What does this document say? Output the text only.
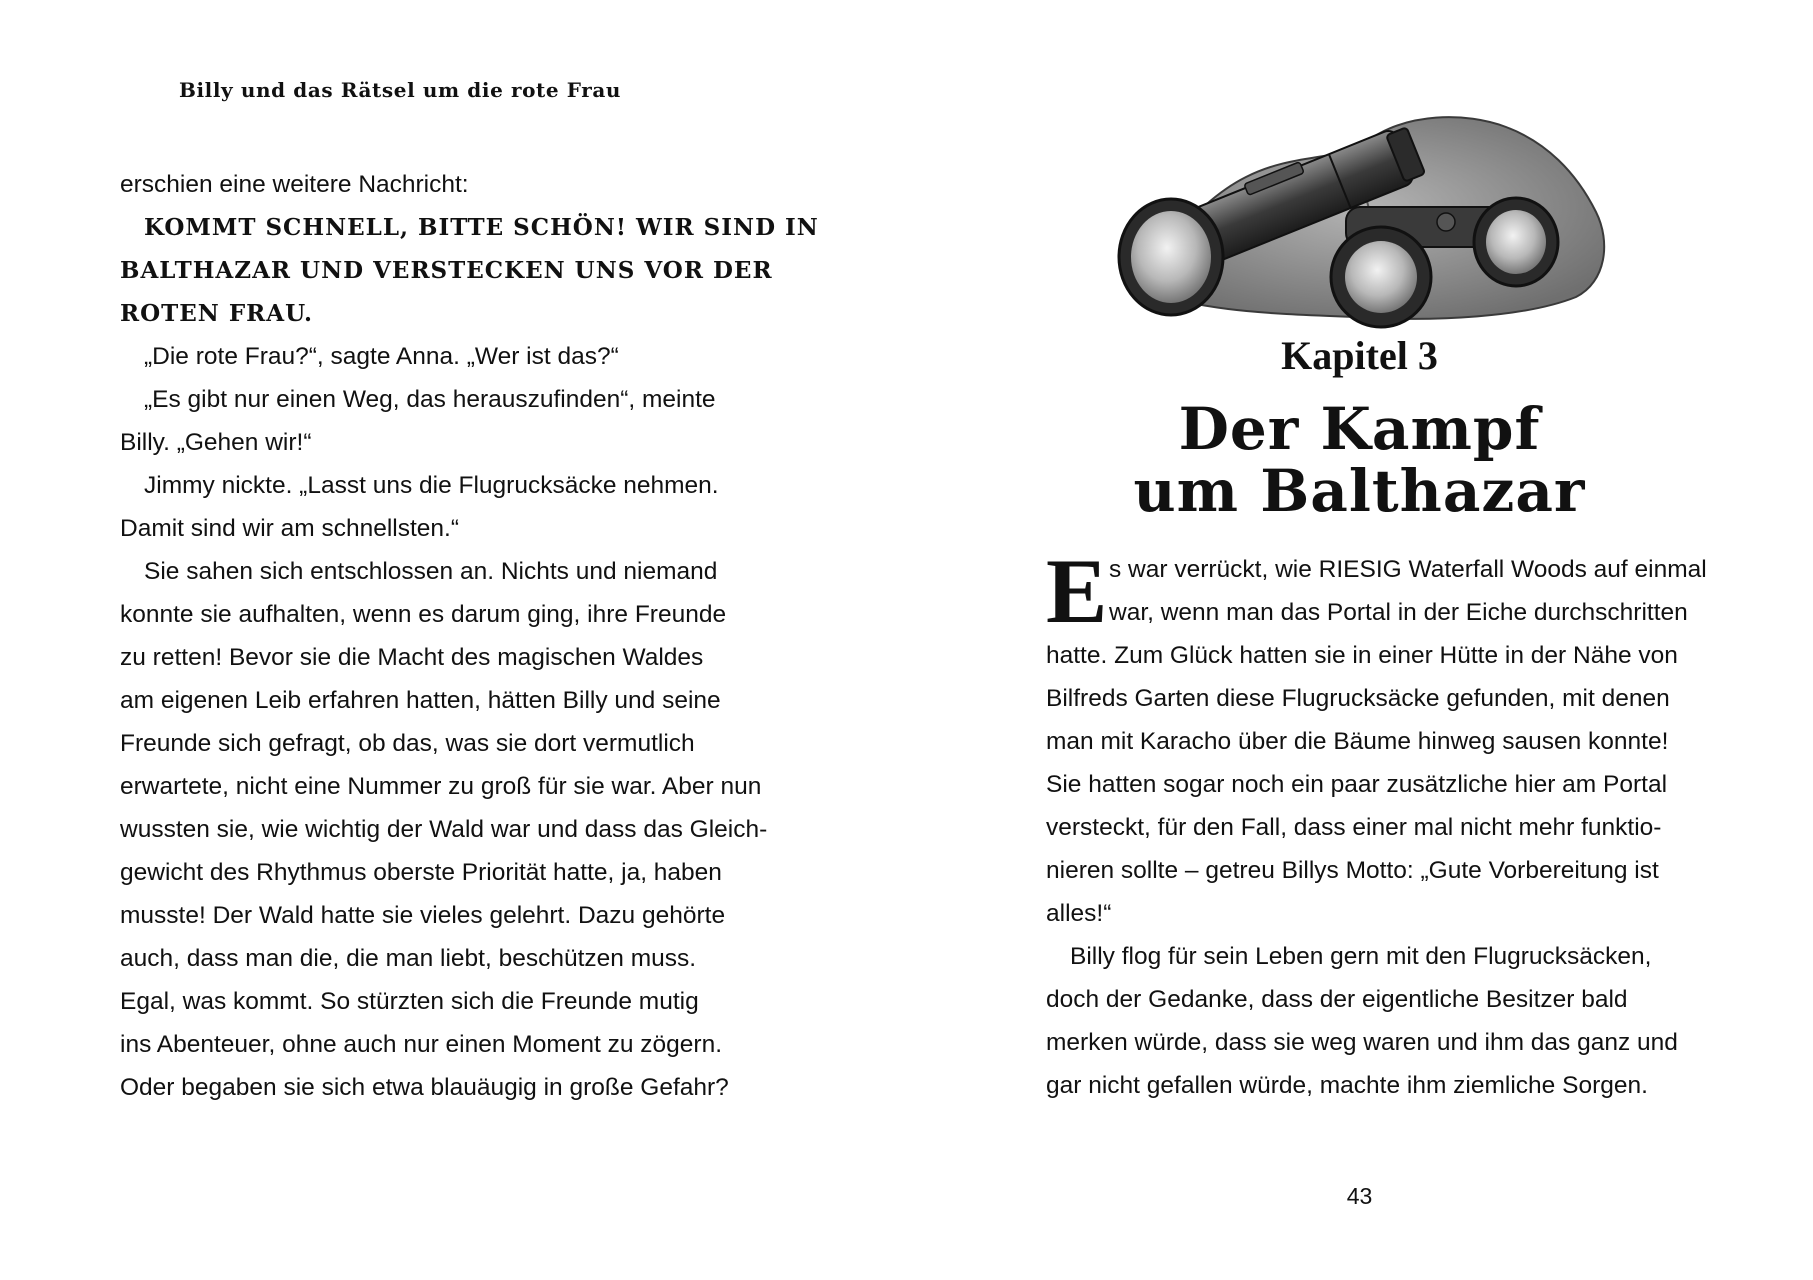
Billy und das Rätsel um die rote Frau
erschien eine weitere Nachricht:
KOMMT SCHNELL, BITTE SCHÖN! WIR SIND IN
BALTHAZAR UND VERSTECKEN UNS VOR DER
ROTEN FRAU.
„Die rote Frau?“, sagte Anna. „Wer ist das?“
„Es gibt nur einen Weg, das herauszufinden“, meinte
Billy. „Gehen wir!“
Jimmy nickte. „Lasst uns die Flugrucksäcke nehmen.
Damit sind wir am schnellsten.“
Sie sahen sich entschlossen an. Nichts und niemand
konnte sie aufhalten, wenn es darum ging, ihre Freunde
zu retten! Bevor sie die Macht des magischen Waldes
am eigenen Leib erfahren hatten, hätten Billy und seine
Freunde sich gefragt, ob das, was sie dort vermutlich
erwartete, nicht eine Nummer zu groß für sie war. Aber nun
wussten sie, wie wichtig der Wald war und dass das Gleich-
gewicht des Rhythmus oberste Priorität hatte, ja, haben
musste! Der Wald hatte sie vieles gelehrt. Dazu gehörte
auch, dass man die, die man liebt, beschützen muss.
Egal, was kommt. So stürzten sich die Freunde mutig
ins Abenteuer, ohne auch nur einen Moment zu zögern.
Oder begaben sie sich etwa blauäugig in große Gefahr?
Kapitel 3
Der Kampf
um Balthazar
E s war verrückt, wie RIESIG Waterfall Woods auf einmal
war, wenn man das Portal in der Eiche durchschritten
hatte. Zum Glück hatten sie in einer Hütte in der Nähe von
Bilfreds Garten diese Flugrucksäcke gefunden, mit denen
man mit Karacho über die Bäume hinweg sausen konnte!
Sie hatten sogar noch ein paar zusätzliche hier am Portal
versteckt, für den Fall, dass einer mal nicht mehr funktio-
nieren sollte – getreu Billys Motto: „Gute Vorbereitung ist
alles!“
Billy flog für sein Leben gern mit den Flugrucksäcken,
doch der Gedanke, dass der eigentliche Besitzer bald
merken würde, dass sie weg waren und ihm das ganz und
gar nicht gefallen würde, machte ihm ziemliche Sorgen.
43
